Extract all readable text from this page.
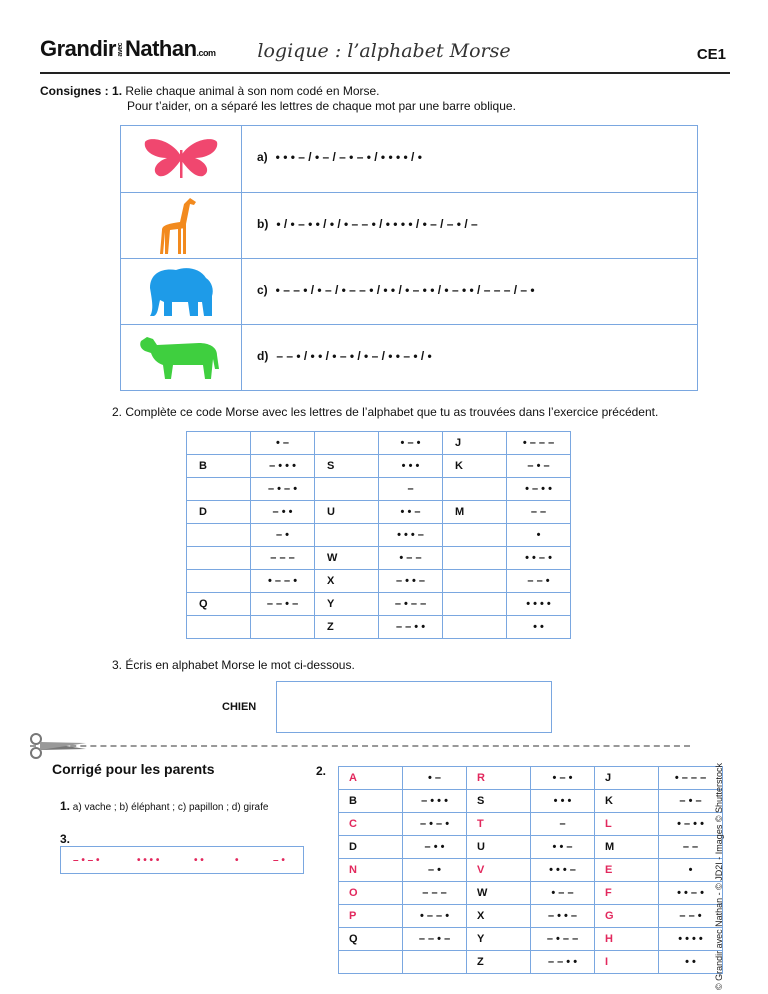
GrandiravecNathan.com	logique : l’alphabet Morse	CE1
Consignes : 1. Relie chaque animal à son nom codé en Morse.
Pour t’aider, on a séparé les lettres de chaque mot par une barre oblique.
a) • • • – / • – / – • – • / • • • • / •
b) • / • – • • / • / • – – • / • • • • / • – / – • / –
c) • – – • / • – / • – – • / • • / • – • • / • – • • / – – – / – •
d) – – • / • • / • – • / • – / • • – • / •
2. Complète ce code Morse avec les lettres de l’alphabet que tu as trouvées dans l’exercice précédent.
	• –		• – •	J	• – – –
B	– • • •	S	• • •	K	– • –
	– • – •		–		• – • •
D	– • •	U	• • –	M	– –
	– •		• • • –		•
	– – –	W	• – –		• • – •
	• – – •	X	– • • –		– – •
Q	– – • –	Y	– • – –		• • • •
		Z	– – • •		• •
3. Écris en alphabet Morse le mot ci-dessous.
CHIEN
Corrigé pour les parents
1. a) vache ; b) éléphant ; c) papillon ; d) girafe
3.
– • – •	• • • •	• •	•	– •
2. A	• –	R	• – •	J	• – – –
B	– • • •	S	• • •	K	– • –
C	– • – •	T	–	L	• – • •
D	– • •	U	• • –	M	– –
N	– •	V	• • • –	E	•
O	– – –	W	• – –	F	• • – •
P	• – – •	X	– • • –	G	– – •
Q	– – • –	Y	– • – –	H	• • • •
		Z	– – • •	I	• • © Grandir avec Nathan - © JD2I - Images © Shutterstock
